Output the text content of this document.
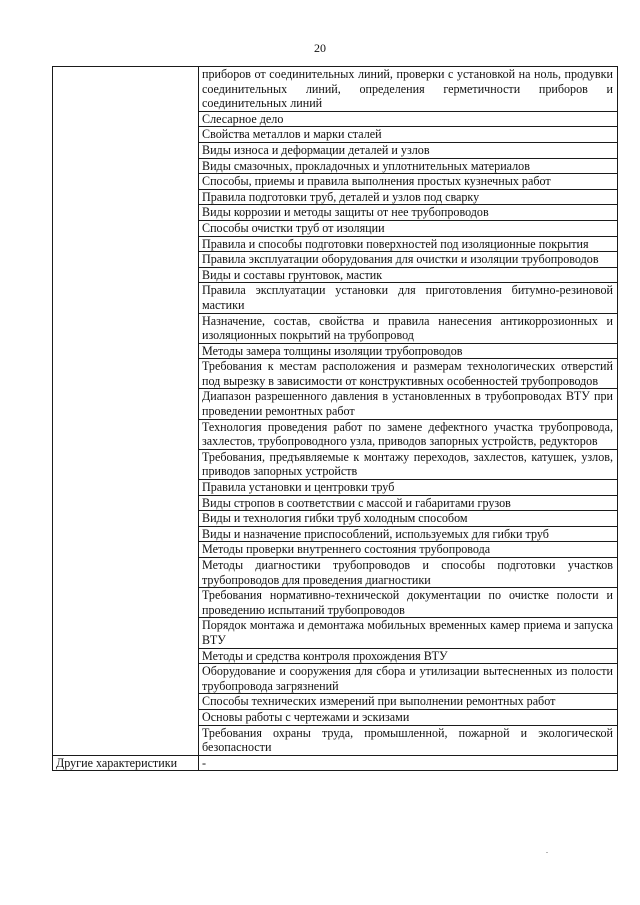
20
	приборов от соединительных линий, проверки с установкой на ноль, продувки соединительных линий, определения герметичности приборов и соединительных линий
	Слесарное дело
	Свойства металлов и марки сталей
	Виды износа и деформации деталей и узлов
	Виды смазочных, прокладочных и уплотнительных материалов
	Способы, приемы и правила выполнения простых кузнечных работ
	Правила подготовки труб, деталей и узлов под сварку
	Виды коррозии и методы защиты от нее трубопроводов
	Способы очистки труб от изоляции
	Правила и способы подготовки поверхностей под изоляционные покрытия
	Правила эксплуатации оборудования для очистки и изоляции трубопроводов
	Виды и составы грунтовок, мастик
	Правила эксплуатации установки для приготовления битумно-резиновой мастики
	Назначение, состав, свойства и правила нанесения антикоррозионных и изоляционных покрытий на трубопровод
	Методы замера толщины изоляции трубопроводов
	Требования к местам расположения и размерам технологических отверстий под вырезку в зависимости от конструктивных особенностей трубопроводов
	Диапазон разрешенного давления в установленных в трубопроводах ВТУ при проведении ремонтных работ
	Технология проведения работ по замене дефектного участка трубопровода, захлестов, трубопроводного узла, приводов запорных устройств, редукторов
	Требования, предъявляемые к монтажу переходов, захлестов, катушек, узлов, приводов запорных устройств
	Правила установки и центровки труб
	Виды стропов в соответствии с массой и габаритами грузов
	Виды и технология гибки труб холодным способом
	Виды и назначение приспособлений, используемых для гибки труб
	Методы проверки внутреннего состояния трубопровода
	Методы диагностики трубопроводов и способы подготовки участков трубопроводов для проведения диагностики
	Требования нормативно-технической документации по очистке полости и проведению испытаний трубопроводов
	Порядок монтажа и демонтажа мобильных временных камер приема и запуска ВТУ
	Методы и средства контроля прохождения ВТУ
	Оборудование и сооружения для сбора и утилизации вытесненных из полости трубопровода загрязнений
	Способы технических измерений при выполнении ремонтных работ
	Основы работы с чертежами и эскизами
	Требования охраны труда, промышленной, пожарной и экологической безопасности
Другие характеристики	-
